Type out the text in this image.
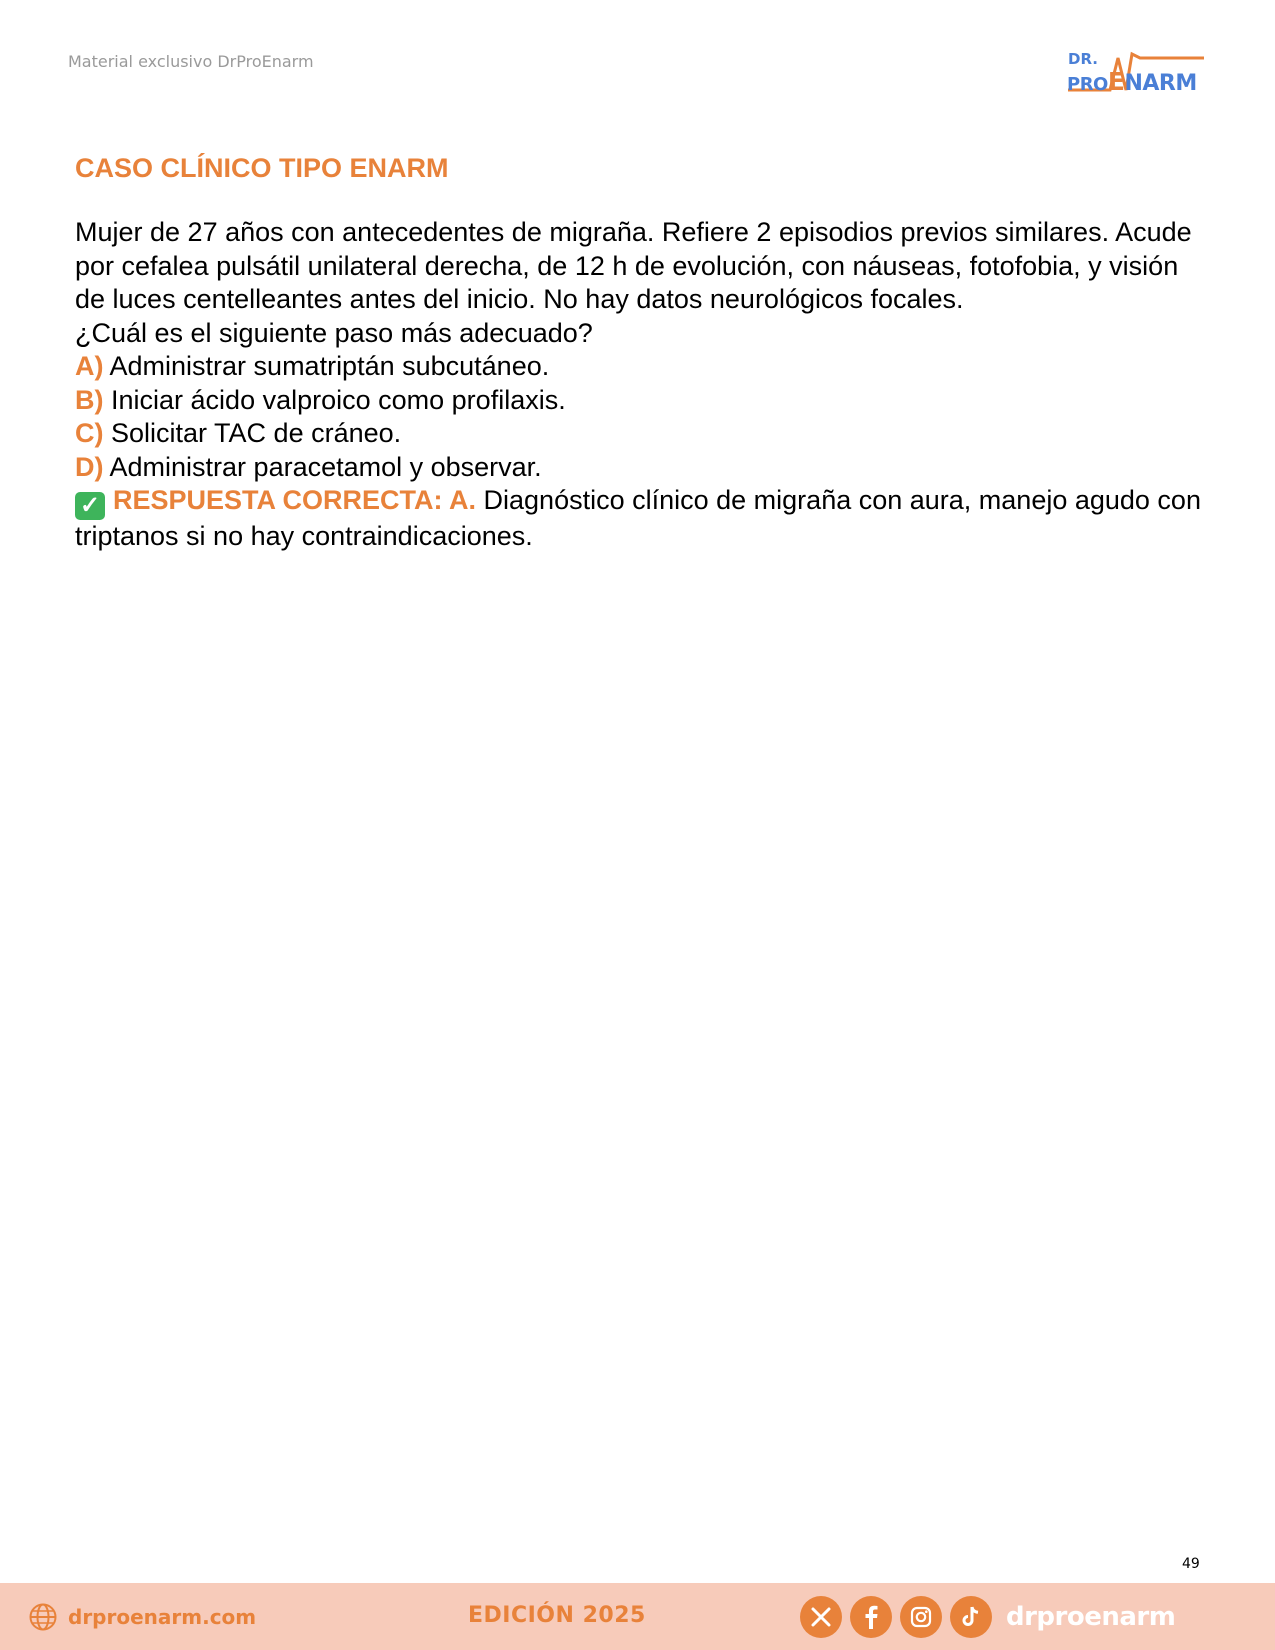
Material exclusivo DrProEnarm	DR.
PROENARM
CASO CLÍNICO TIPO ENARM

Mujer de 27 años con antecedentes de migraña. Refiere 2 episodios previos similares. Acude por cefalea pulsátil unilateral derecha, de 12 h de evolución, con náuseas, fotofobia, y visión de luces centelleantes antes del inicio. No hay datos neurológicos focales.

¿Cuál es el siguiente paso más adecuado?

A) Administrar sumatriptán subcutáneo.

B) Iniciar ácido valproico como profilaxis.

C) Solicitar TAC de cráneo.

D) Administrar paracetamol y observar.

✓ RESPUESTA CORRECTA: A. Diagnóstico clínico de migraña con aura, manejo agudo con triptanos si no hay contraindicaciones.

49
drproenarm.com	EDICIÓN 2025	drproenarm
